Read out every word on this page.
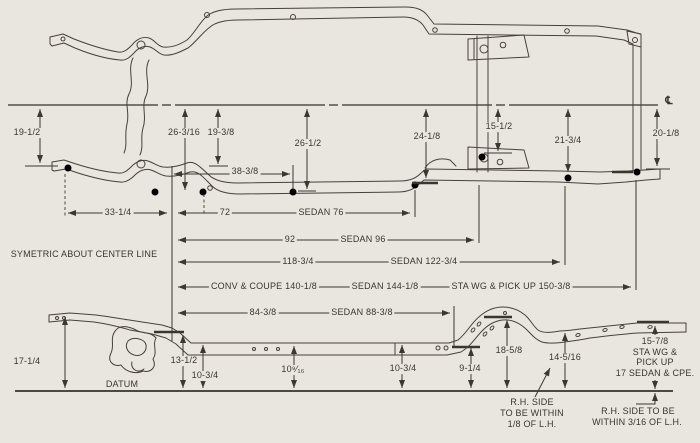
19-1/2	26-3/16 19-3/8
38-3/8
26-1/2
24-1/8
15-1/2
21-3/4
20-1/8
℄
33-1/4	72	SEDAN 76
92	SEDAN 96
118-3/4	SEDAN 122-3/4
CONV & COUPE 140-1/8	SEDAN 144-1/8	STA WG & PICK UP 150-3/8
84-3/8	SEDAN 88-3/8
SYMETRIC ABOUT CENTER LINE
17-1/4	13-1/2
10-3/4
10⁹⁄₁₆	10-3/4	9-1/4
18-5/8
14-5/16
DATUM
15-7/8
STA WG &
PICK UP
17 SEDAN & CPE.
R.H. SIDE
TO BE WITHIN
1/8 OF L.H.
R.H. SIDE TO BE
WITHIN 3/16 OF L.H.
